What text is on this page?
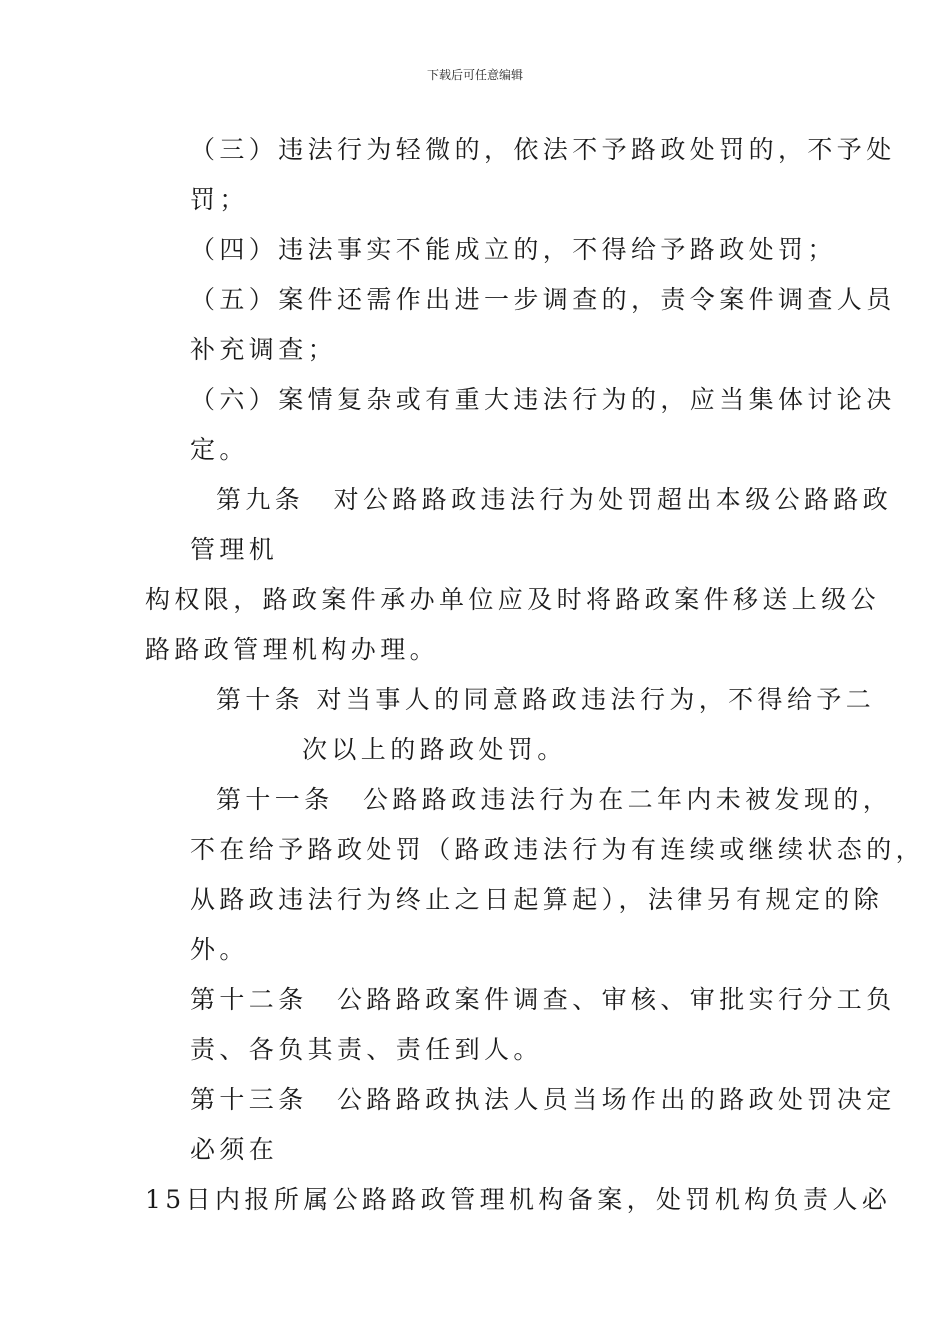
下载后可任意编辑
（三）违法行为轻微的，依法不予路政处罚的，不予处
罚；
（四）违法事实不能成立的，不得给予路政处罚；
（五）案件还需作出进一步调查的，责令案件调查人员
补充调查；
（六）案情复杂或有重大违法行为的，应当集体讨论决
定。
第九条　对公路路政违法行为处罚超出本级公路路政
管理机
构权限，路政案件承办单位应及时将路政案件移送上级公
路路政管理机构办理。
第十条 对当事人的同意路政违法行为，不得给予二
次以上的路政处罚。
第十一条　公路路政违法行为在二年内未被发现的，
不在给予路政处罚（路政违法行为有连续或继续状态的，
从路政违法行为终止之日起算起），法律另有规定的除
外。
第十二条　公路路政案件调查、审核、审批实行分工负
责、各负其责、责任到人。
第十三条　公路路政执法人员当场作出的路政处罚决定
必须在
15日内报所属公路路政管理机构备案，处罚机构负责人必
